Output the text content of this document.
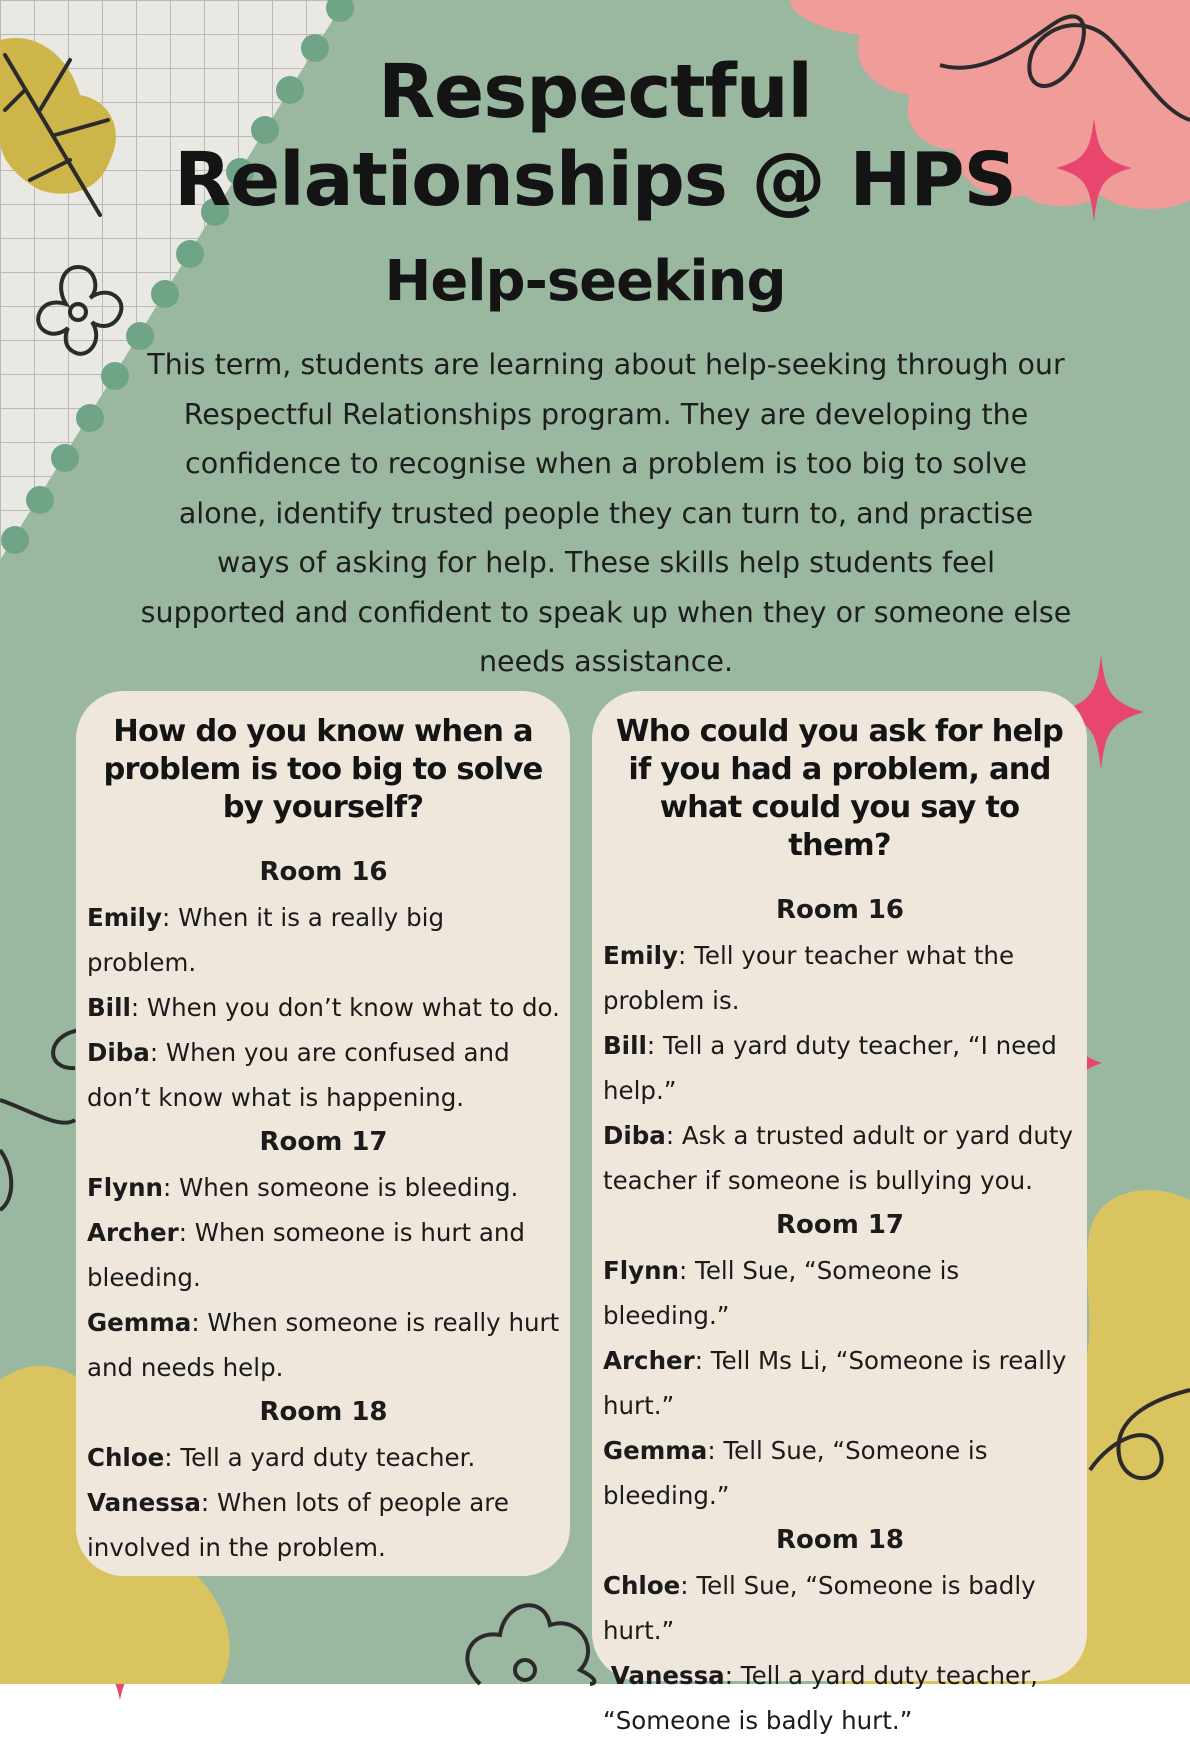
Respectful
Relationships @ HPS
Help-seeking

This term, students are learning about help-seeking through our Respectful Relationships program. They are developing the confidence to recognise when a problem is too big to solve alone, identify trusted people they can turn to, and practise ways of asking for help. These skills help students feel supported and confident to speak up when they or someone else needs assistance.

How do you know when a problem is too big to solve by yourself?

Room 16

Emily: When it is a really big problem.

Bill: When you don’t know what to do.

Diba: When you are confused and don’t know what is happening.

Room 17

Flynn: When someone is bleeding.

Archer: When someone is hurt and bleeding.

Gemma: When someone is really hurt and needs help.

Room 18

Chloe: Tell a yard duty teacher.

Vanessa: When lots of people are involved in the problem.

Who could you ask for help if you had a problem, and what could you say to them?

Room 16

Emily: Tell your teacher what the problem is.

Bill: Tell a yard duty teacher, “I need help.”

Diba: Ask a trusted adult or yard duty teacher if someone is bullying you.

Room 17

Flynn: Tell Sue, “Someone is bleeding.”

Archer: Tell Ms Li, “Someone is really hurt.”

Gemma: Tell Sue, “Someone is bleeding.”

Room 18

Chloe: Tell Sue, “Someone is badly hurt.”

Vanessa: Tell a yard duty teacher, “Someone is badly hurt.”
